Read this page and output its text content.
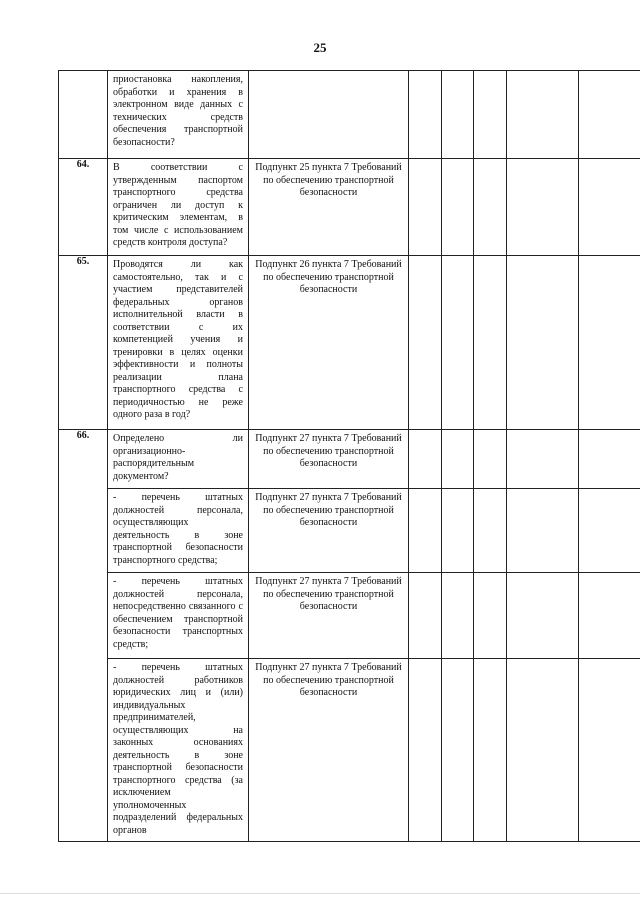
25

	приостановка накопления, обработки и хранения в электронном виде данных с технических средств обеспечения транспортной безопасности?						

64.	В соответствии с утвержденным паспортом транспортного средства ограничен ли доступ к критическим элементам, в том числе с использованием средств контроля доступа?	Подпункт 25 пункта 7 Требований по обеспечению транспортной безопасности					

65.	Проводятся ли как самостоятельно, так и с участием представителей федеральных органов исполнительной власти в соответствии с их компетенцией учения и тренировки в целях оценки эффективности и полноты реализации плана транспортного средства с периодичностью не реже одного раза в год?	Подпункт 26 пункта 7 Требований по обеспечению транспортной безопасности					

66.	Определено ли организационно-распорядительным документом?	Подпункт 27 пункта 7 Требований по обеспечению транспортной безопасности					

	- перечень штатных должностей персонала, осуществляющих деятельность в зоне транспортной безопасности транспортного средства;	Подпункт 27 пункта 7 Требований по обеспечению транспортной безопасности					

	- перечень штатных должностей персонала, непосредственно связанного с обеспечением транспортной безопасности транспортных средств;	Подпункт 27 пункта 7 Требований по обеспечению транспортной безопасности					

	- перечень штатных должностей работников юридических лиц и (или) индивидуальных предпринимателей, осуществляющих на законных основаниях деятельность в зоне транспортной безопасности транспортного средства (за исключением уполномоченных подразделений федеральных органов	Подпункт 27 пункта 7 Требований по обеспечению транспортной безопасности					
